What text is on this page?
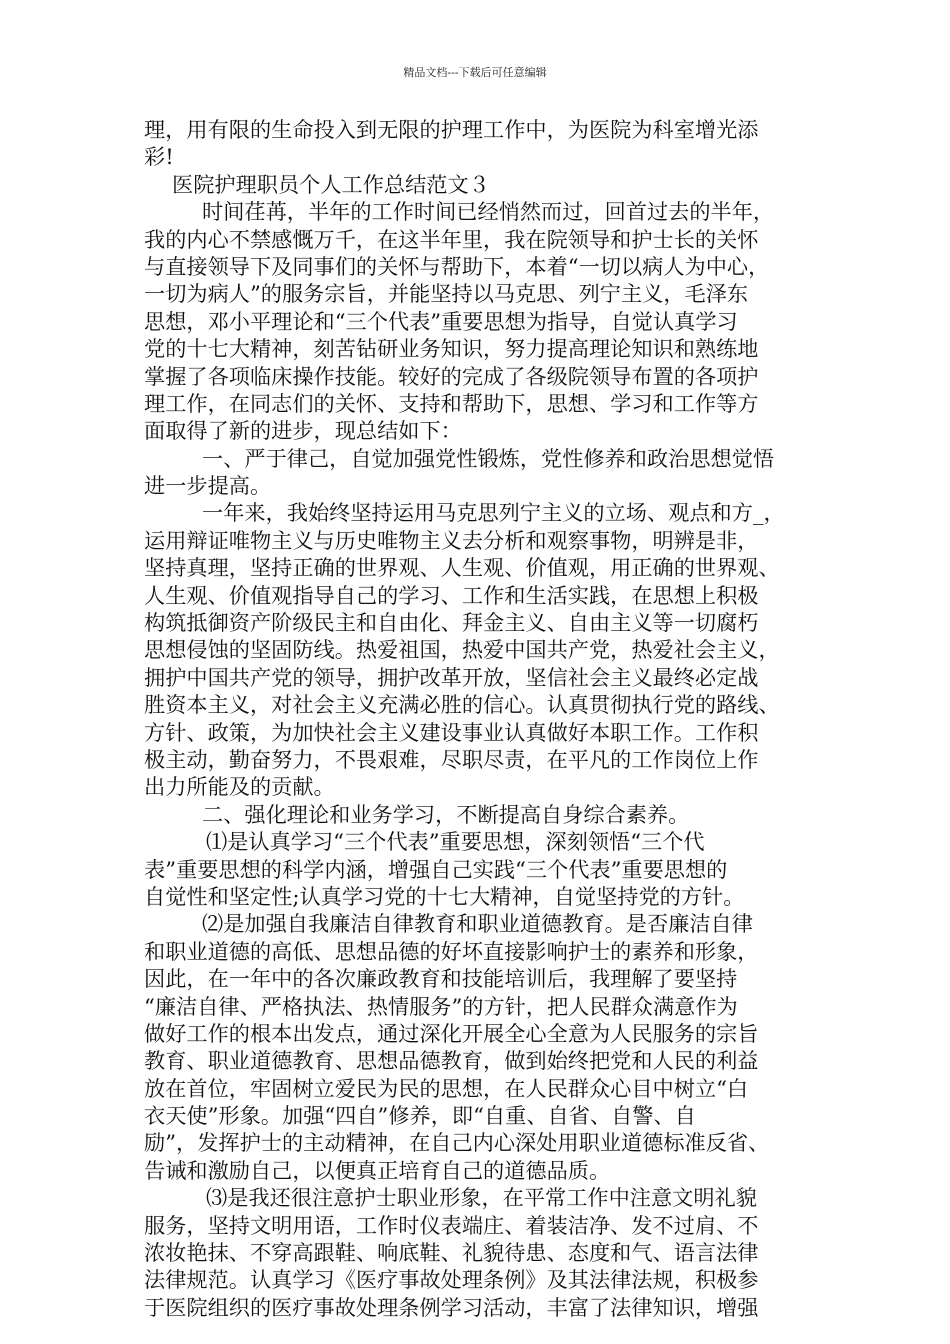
精品文档---下载后可任意编辑
理，用有限的生命投入到无限的护理工作中，为医院为科室增光添
彩!
医院护理职员个人工作总结范文３
时间荏苒，半年的工作时间已经悄然而过，回首过去的半年，
我的内心不禁感慨万千，在这半年里，我在院领导和护士长的关怀
与直接领导下及同事们的关怀与帮助下，本着“一切以病人为中心，
一切为病人”的服务宗旨，并能坚持以马克思、列宁主义，毛泽东
思想，邓小平理论和“三个代表”重要思想为指导，自觉认真学习
党的十七大精神，刻苦钻研业务知识，努力提高理论知识和熟练地
掌握了各项临床操作技能。较好的完成了各级院领导布置的各项护
理工作，在同志们的关怀、支持和帮助下，思想、学习和工作等方
面取得了新的进步，现总结如下：
一、严于律己，自觉加强党性锻炼，党性修养和政治思想觉悟
进一步提高。
一年来，我始终坚持运用马克思列宁主义的立场、观点和方_，
运用辩证唯物主义与历史唯物主义去分析和观察事物，明辨是非，
坚持真理，坚持正确的世界观、人生观、价值观，用正确的世界观、
人生观、价值观指导自己的学习、工作和生活实践，在思想上积极
构筑抵御资产阶级民主和自由化、拜金主义、自由主义等一切腐朽
思想侵蚀的坚固防线。热爱祖国，热爱中国共产党，热爱社会主义，
拥护中国共产党的领导，拥护改革开放，坚信社会主义最终必定战
胜资本主义，对社会主义充满必胜的信心。认真贯彻执行党的路线、
方针、政策，为加快社会主义建设事业认真做好本职工作。工作积
极主动，勤奋努力，不畏艰难，尽职尽责，在平凡的工作岗位上作
出力所能及的贡献。
二、强化理论和业务学习，不断提高自身综合素养。
⑴是认真学习“三个代表”重要思想，深刻领悟“三个代
表”重要思想的科学内涵，增强自己实践“三个代表”重要思想的
自觉性和坚定性;认真学习党的十七大精神，自觉坚持党的方针。
⑵是加强自我廉洁自律教育和职业道德教育。是否廉洁自律
和职业道德的高低、思想品德的好坏直接影响护士的素养和形象，
因此，在一年中的各次廉政教育和技能培训后，我理解了要坚持
“廉洁自律、严格执法、热情服务”的方针，把人民群众满意作为
做好工作的根本出发点，通过深化开展全心全意为人民服务的宗旨
教育、职业道德教育、思想品德教育，做到始终把党和人民的利益
放在首位，牢固树立爱民为民的思想，在人民群众心目中树立“白
衣天使”形象。加强“四自”修养，即“自重、自省、自警、自
励”，发挥护士的主动精神，在自己内心深处用职业道德标准反省、
告诫和激励自己，以便真正培育自己的道德品质。
⑶是我还很注意护士职业形象，在平常工作中注意文明礼貌
服务，坚持文明用语，工作时仪表端庄、着装洁净、发不过肩、不
浓妆艳抹、不穿高跟鞋、响底鞋、礼貌待患、态度和气、语言法律
法律规范。认真学习《医疗事故处理条例》及其法律法规，积极参
于医院组织的医疗事故处理条例学习活动，丰富了法律知识，增强
